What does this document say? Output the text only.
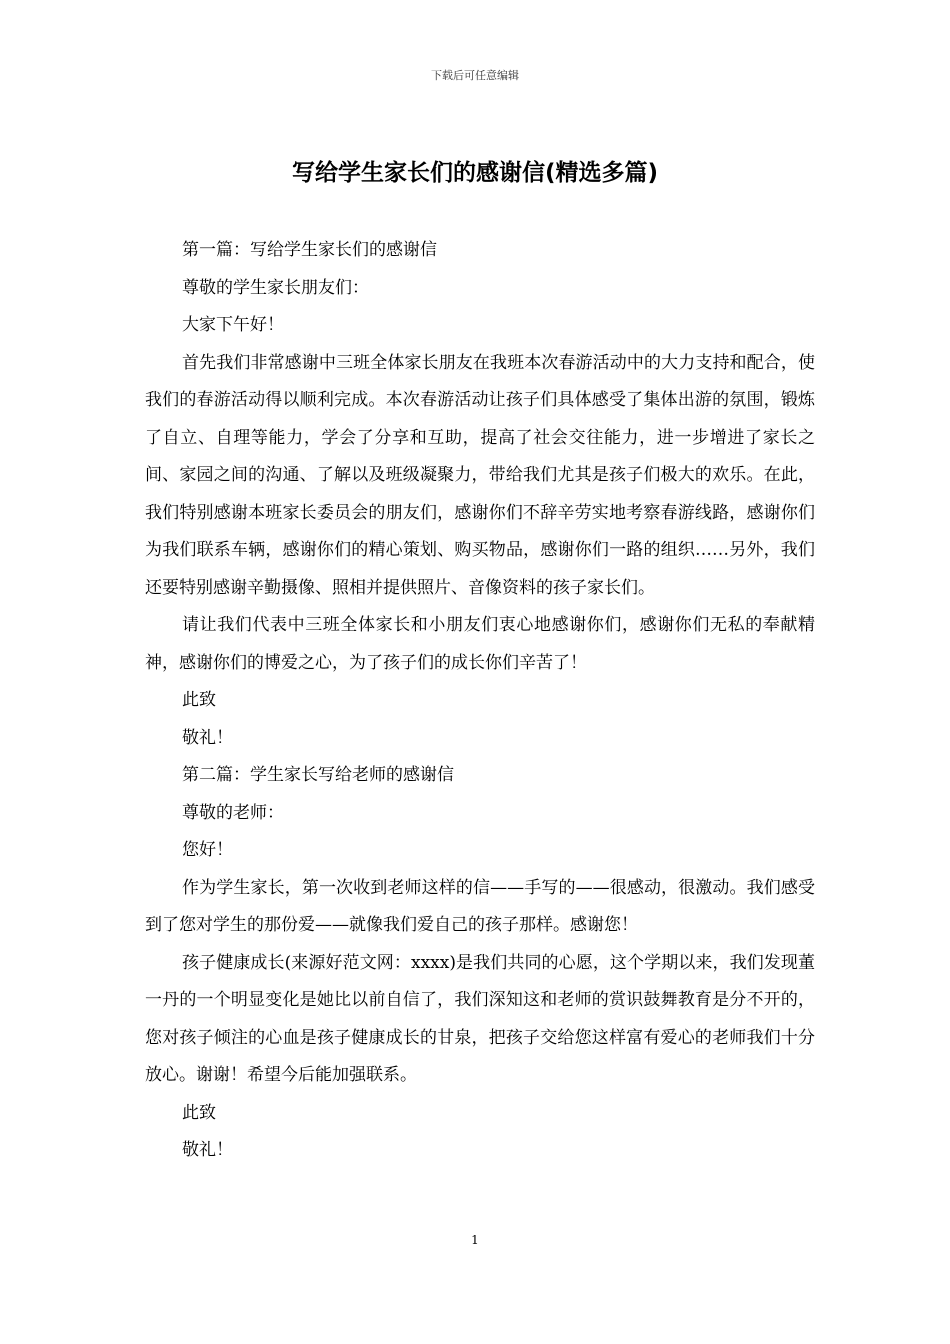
下载后可任意编辑
写给学生家长们的感谢信(精选多篇)

第一篇：写给学生家长们的感谢信

尊敬的学生家长朋友们：

大家下午好！

首先我们非常感谢中三班全体家长朋友在我班本次春游活动中的大力支持和配合，使我们的春游活动得以顺利完成。本次春游活动让孩子们具体感受了集体出游的氛围，锻炼了自立、自理等能力，学会了分享和互助，提高了社会交往能力，进一步增进了家长之间、家园之间的沟通、了解以及班级凝聚力，带给我们尤其是孩子们极大的欢乐。在此，我们特别感谢本班家长委员会的朋友们，感谢你们不辞辛劳实地考察春游线路，感谢你们为我们联系车辆，感谢你们的精心策划、购买物品，感谢你们一路的组织……另外，我们还要特别感谢辛勤摄像、照相并提供照片、音像资料的孩子家长们。

请让我们代表中三班全体家长和小朋友们衷心地感谢你们，感谢你们无私的奉献精神，感谢你们的博爱之心，为了孩子们的成长你们辛苦了！

此致

敬礼！

第二篇：学生家长写给老师的感谢信

尊敬的老师：

您好！

作为学生家长，第一次收到老师这样的信——手写的——很感动，很激动。我们感受到了您对学生的那份爱——就像我们爱自己的孩子那样。感谢您！

孩子健康成长(来源好范文网：xxxx)是我们共同的心愿，这个学期以来，我们发现董一丹的一个明显变化是她比以前自信了，我们深知这和老师的赏识鼓舞教育是分不开的，您对孩子倾注的心血是孩子健康成长的甘泉，把孩子交给您这样富有爱心的老师我们十分放心。谢谢！希望今后能加强联系。

此致

敬礼！

1
